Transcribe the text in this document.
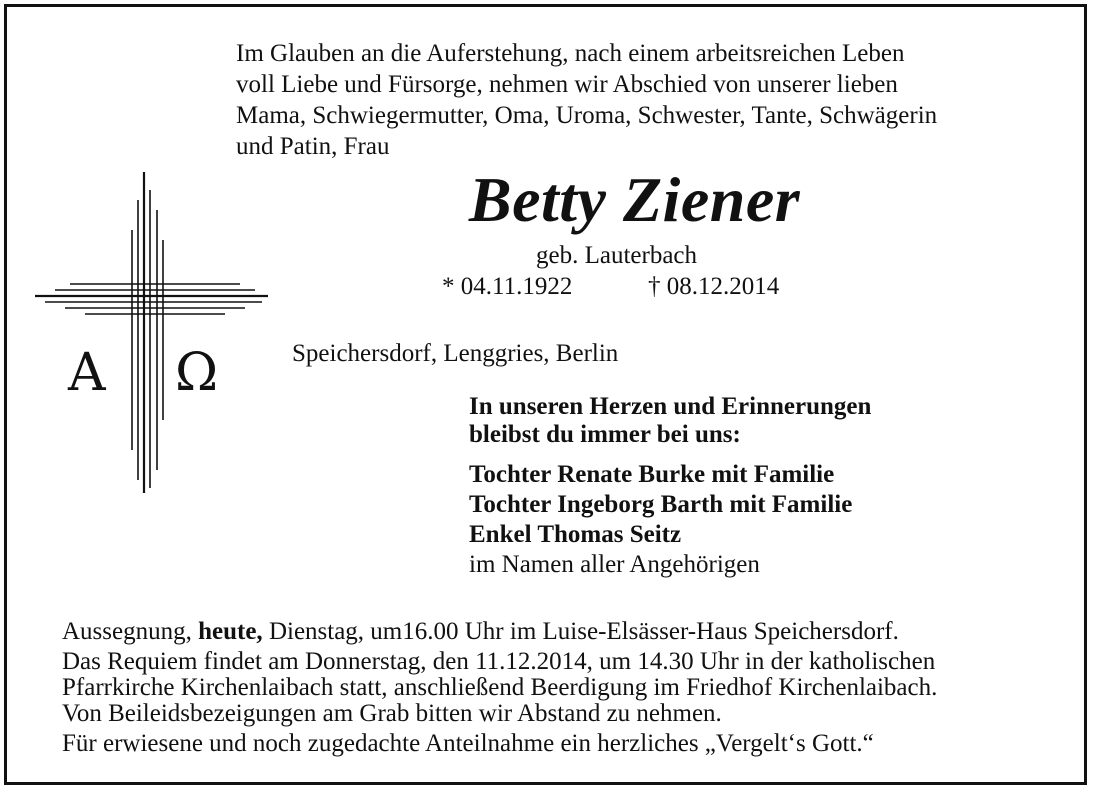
Im Glauben an die Auferstehung, nach einem arbeitsreichen Leben
voll Liebe und Fürsorge, nehmen wir Abschied von unserer lieben
Mama, Schwiegermutter, Oma, Uroma, Schwester, Tante, Schwägerin
und Patin, Frau
Betty Ziener
geb. Lauterbach
* 04.11.1922	† 08.12.2014
A Ω	Speichersdorf, Lenggries, Berlin
In unseren Herzen und Erinnerungen
bleibst du immer bei uns:
Tochter Renate Burke mit Familie
Tochter Ingeborg Barth mit Familie
Enkel Thomas Seitz
im Namen aller Angehörigen
Aussegnung, heute, Dienstag, um16.00 Uhr im Luise-Elsässer-Haus Speichersdorf.
Das Requiem findet am Donnerstag, den 11.12.2014, um 14.30 Uhr in der katholischen
Pfarrkirche Kirchenlaibach statt, anschließend Beerdigung im Friedhof Kirchenlaibach.
Von Beileidsbezeigungen am Grab bitten wir Abstand zu nehmen.
Für erwiesene und noch zugedachte Anteilnahme ein herzliches „Vergelt‘s Gott.“
